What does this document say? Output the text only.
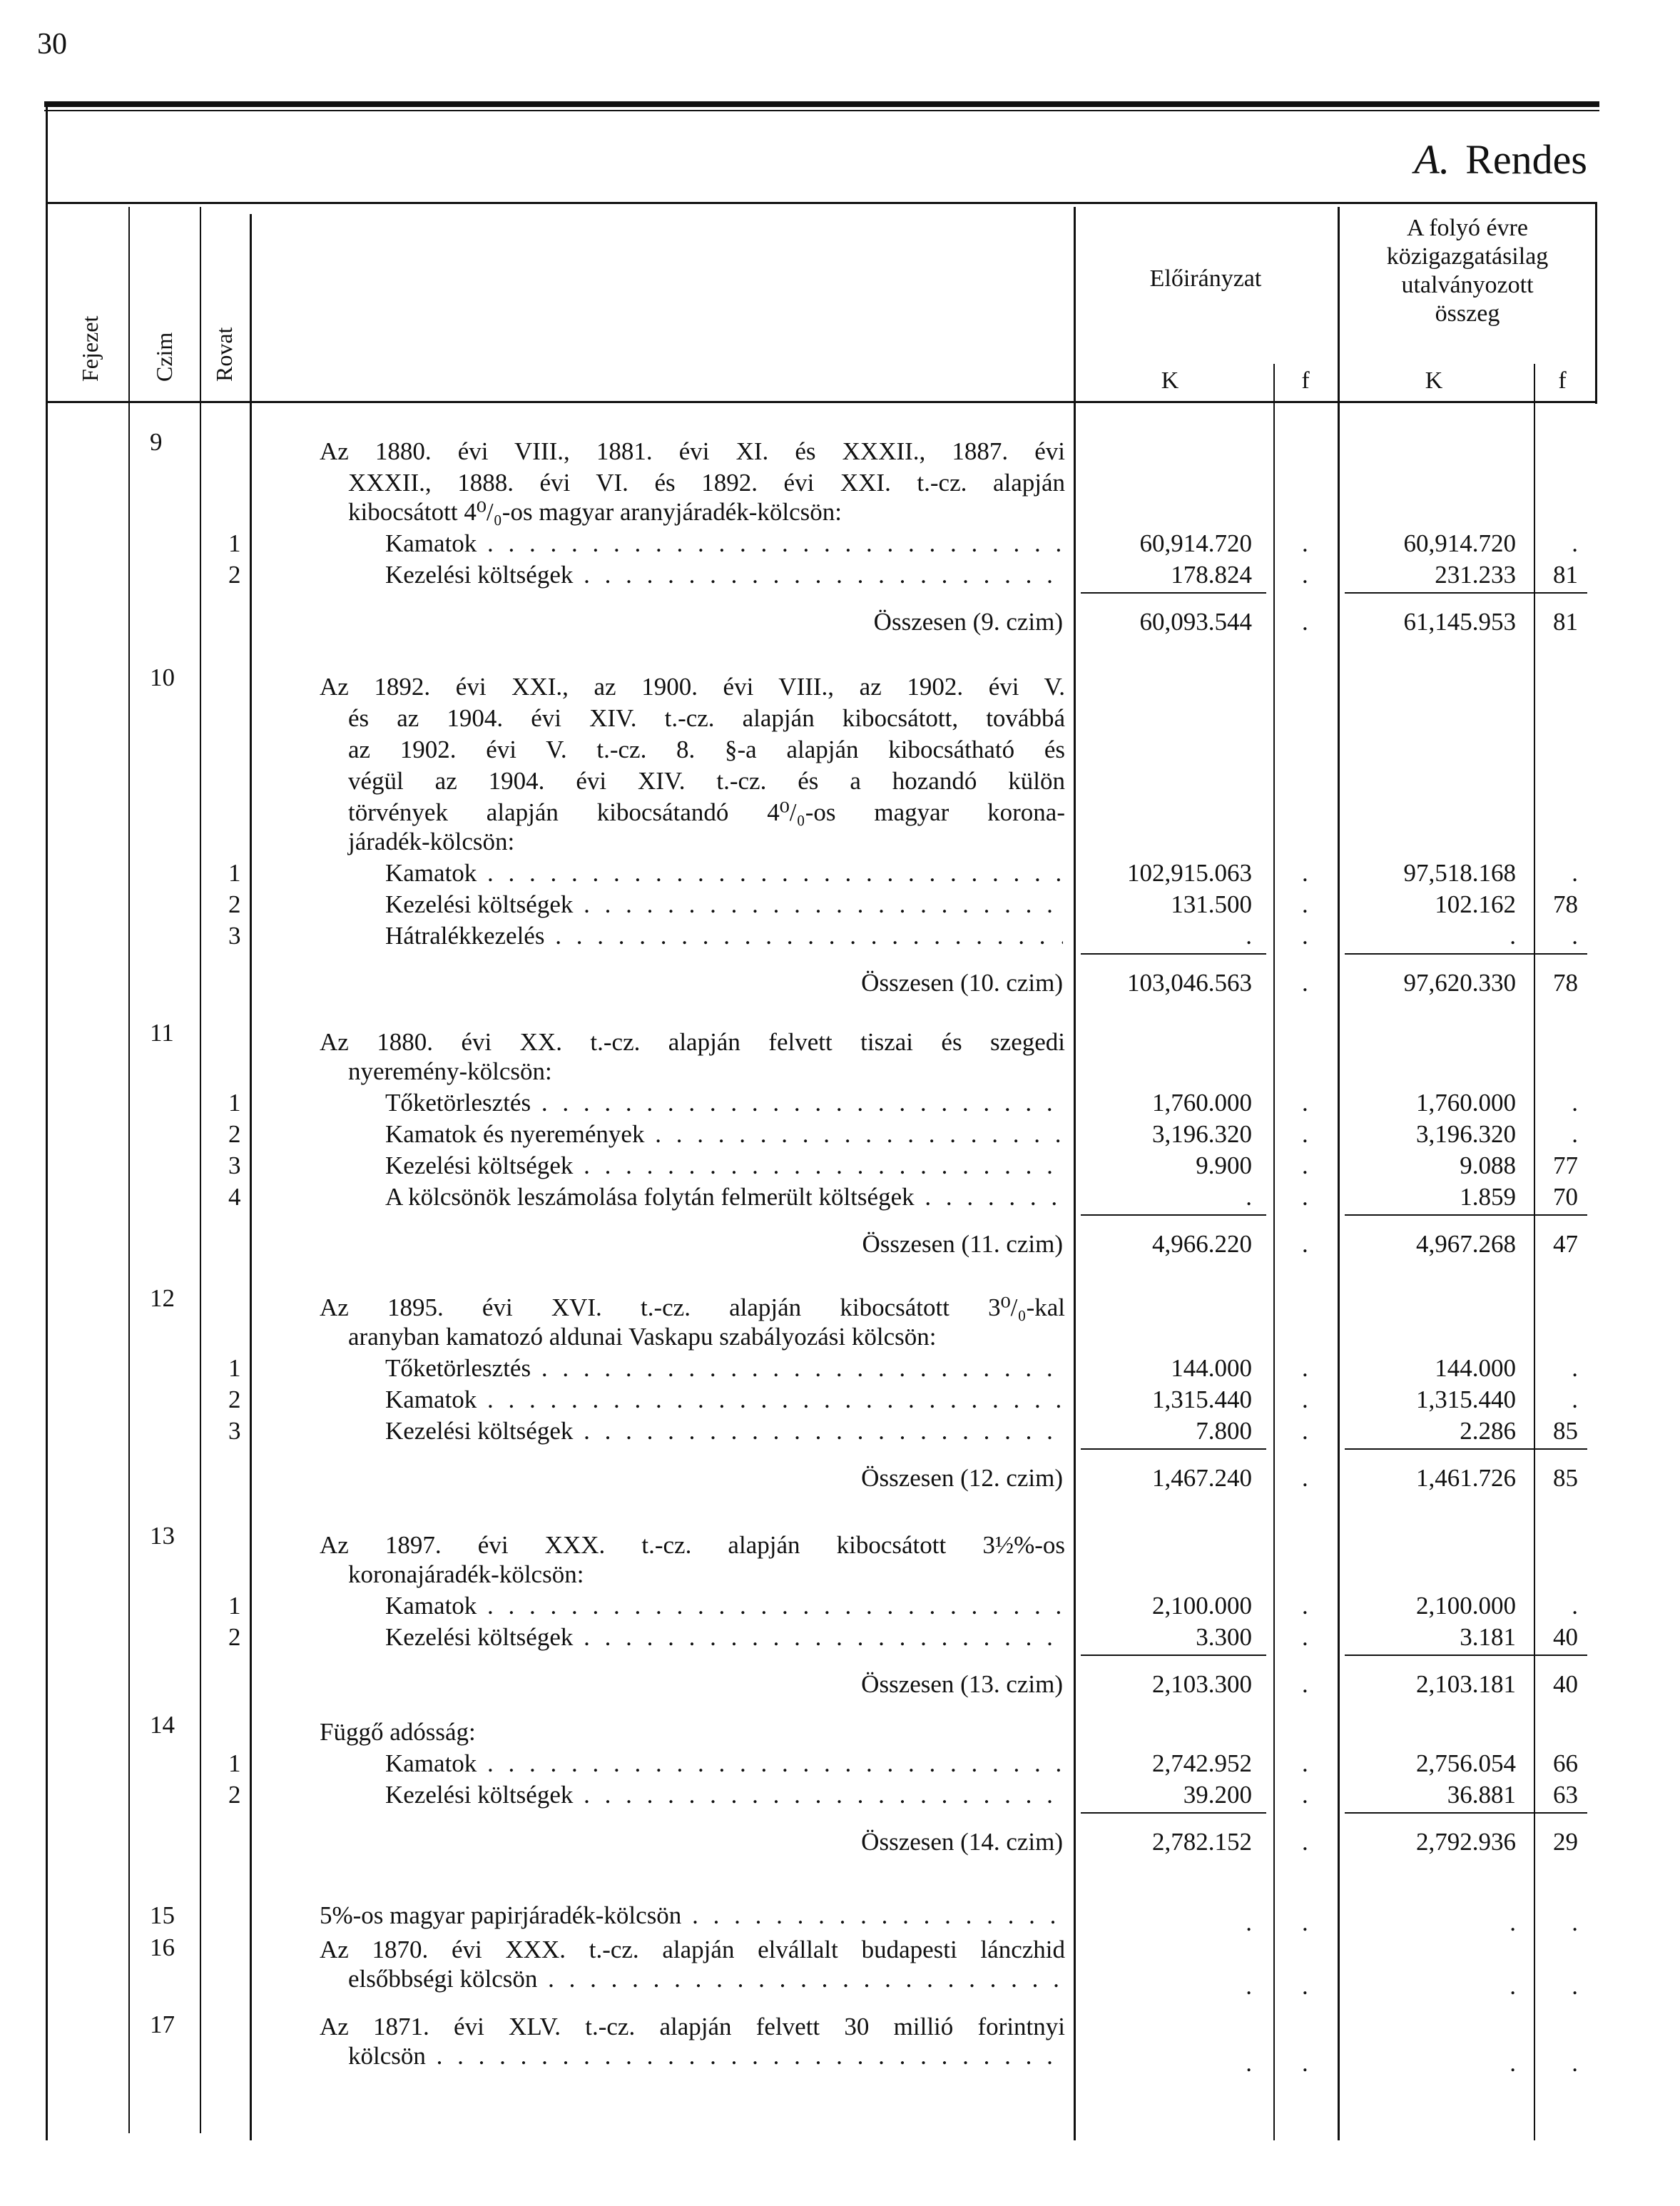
30
A. Rendes
Fejezet Czim Rovat
Előirányzat
A folyó évre
közigazgatásilag
utalványozott
összeg
K	f	K	f
9	Az 1880. évi VIII., 1881. évi XI. és XXXII., 1887. évi
XXXII., 1888. évi VI. és 1892. évi XXI. t.-cz. alapján
kibocsátott 4⁰/₀-os magyar aranyjáradék-kölcsön:
1	Kamatok . . .	60,914.720 .	60,914.720 .
2	Kezelési költségek . . .	178.824 .	231.233 81
Összesen (9. czim)	60,093.544 .	61,145.953 81
10	Az 1892. évi XXI., az 1900. évi VIII., az 1902. évi V.
és az 1904. évi XIV. t.-cz. alapján kibocsátott, továbbá
az 1902. évi V. t.-cz. 8. §-a alapján kibocsátható és
végül az 1904. évi XIV. t.-cz. és a hozandó külön
törvények alapján kibocsátandó 4⁰/₀-os magyar korona-
járadék-kölcsön:
1	Kamatok . . .	102,915.063 .	97,518.168 .
2	Kezelési költségek . . .	131.500 .	102.162 78
3	Hátralékkezelés . . .	. .	. .
Összesen (10. czim)	103,046.563 .	97,620.330 78
11	Az 1880. évi XX. t.-cz. alapján felvett tiszai és szegedi
nyeremény-kölcsön:
1	Tőketörlesztés . . .	1,760.000 .	1,760.000 .
2	Kamatok és nyeremények . . .	3,196.320 .	3,196.320 .
3	Kezelési költségek . . .	9.900 .	9.088 77
4	A kölcsönök leszámolása folytán felmerült költségek . . .	. .	1.859 70
Összesen (11. czim)	4,966.220 .	4,967.268 47
12	Az 1895. évi XVI. t.-cz. alapján kibocsátott 3⁰/₀-kal
aranyban kamatozó aldunai Vaskapu szabályozási kölcsön:
1	Tőketörlesztés . . .	144.000 .	144.000 .
2	Kamatok . . .	1,315.440 .	1,315.440 .
3	Kezelési költségek . . .	7.800 .	2.286 85
Összesen (12. czim)	1,467.240 .	1,461.726 85
13	Az 1897. évi XXX. t.-cz. alapján kibocsátott 3½%-os
koronajáradék-kölcsön:
1	Kamatok . . .	2,100.000 .	2,100.000 .
2	Kezelési költségek . . .	3.300 .	3.181 40
Összesen (13. czim)	2,103.300 .	2,103.181 40
14	Függő adósság:
1	Kamatok . . .	2,742.952 .	2,756.054 66
2	Kezelési költségek . . .	39.200 .	36.881 63
Összesen (14. czim)	2,782.152 .	2,792.936 29
15	5%-os magyar papirjáradék-kölcsön . . .	. .	. .
16	Az 1870. évi XXX. t.-cz. alapján elvállalt budapesti lánczhid
elsőbbségi kölcsön . . .	. .	. .
17	Az 1871. évi XLV. t.-cz. alapján felvett 30 millió forintnyi
kölcsön . . .	. .	. .
